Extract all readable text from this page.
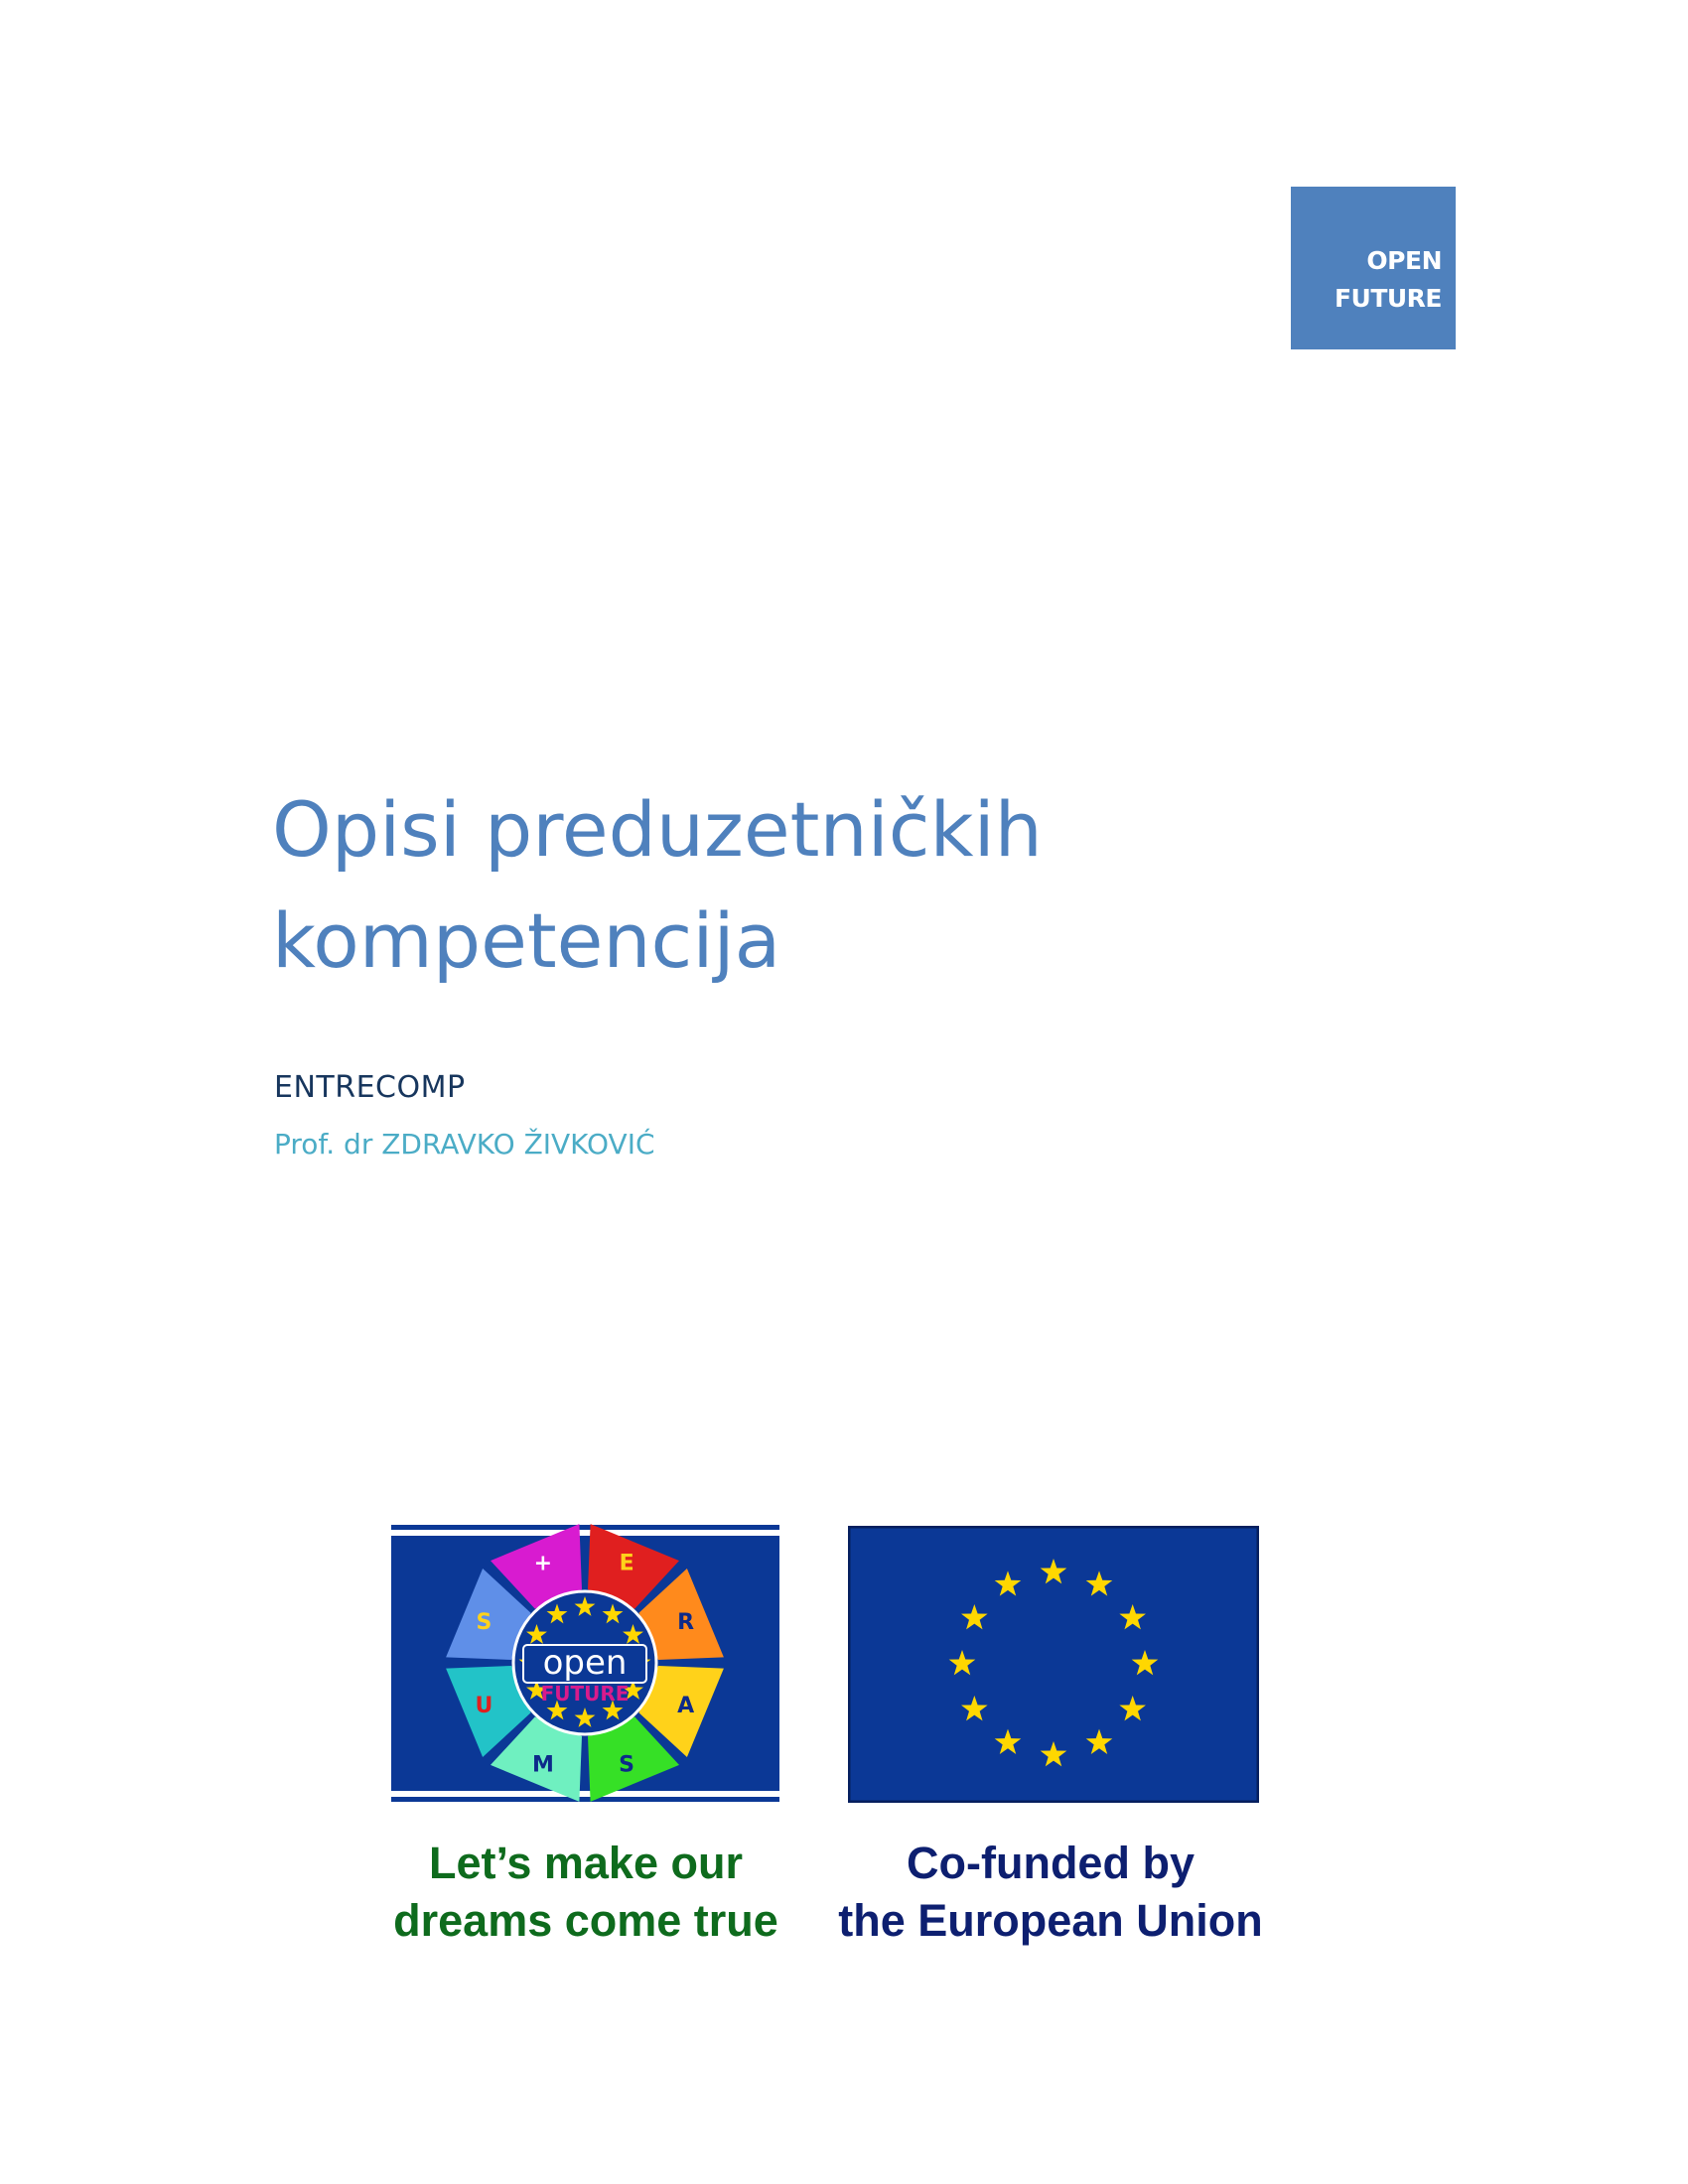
OPEN
FUTURE
Opisi preduzetničkih
kompetencija
ENTRECOMP
Prof. dr ZDRAVKO ŽIVKOVIĆ
+	E
R
A
S
M
U
S
open
FUTURE
Let’s make our
dreams come true
Co-funded by
the European Union
